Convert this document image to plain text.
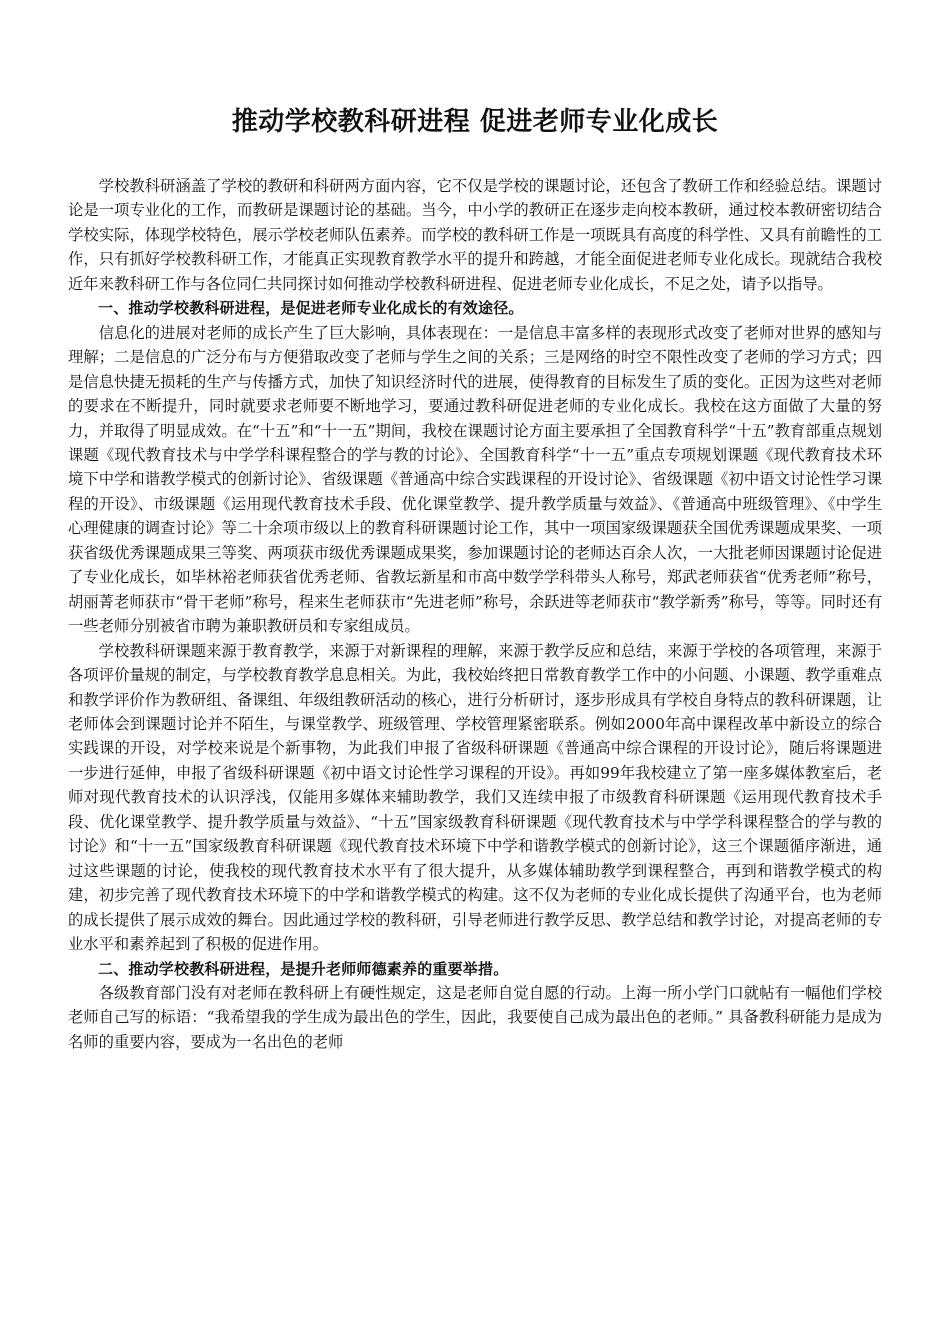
推动学校教科研进程 促进老师专业化成长

学校教科研涵盖了学校的教研和科研两方面内容，它不仅是学校的课题讨论，还包含了教研工作和经验总结。课题讨论是一项专业化的工作，而教研是课题讨论的基础。当今，中小学的教研正在逐步走向校本教研，通过校本教研密切结合学校实际，体现学校特色，展示学校老师队伍素养。而学校的教科研工作是一项既具有高度的科学性、又具有前瞻性的工作，只有抓好学校教科研工作，才能真正实现教育教学水平的提升和跨越，才能全面促进老师专业化成长。现就结合我校近年来教科研工作与各位同仁共同探讨如何推动学校教科研进程、促进老师专业化成长，不足之处，请予以指导。

一、推动学校教科研进程，是促进老师专业化成长的有效途径。

信息化的进展对老师的成长产生了巨大影响，具体表现在：一是信息丰富多样的表现形式改变了老师对世界的感知与理解；二是信息的广泛分布与方便猎取改变了老师与学生之间的关系；三是网络的时空不限性改变了老师的学习方式；四是信息快捷无损耗的生产与传播方式，加快了知识经济时代的进展，使得教育的目标发生了质的变化。正因为这些对老师的要求在不断提升，同时就要求老师要不断地学习，要通过教科研促进老师的专业化成长。我校在这方面做了大量的努力，并取得了明显成效。在“十五”和“十一五”期间，我校在课题讨论方面主要承担了全国教育科学“十五”教育部重点规划课题《现代教育技术与中学学科课程整合的学与教的讨论》、全国教育科学“十一五”重点专项规划课题《现代教育技术环境下中学和谐教学模式的创新讨论》、省级课题《普通高中综合实践课程的开设讨论》、省级课题《初中语文讨论性学习课程的开设》、市级课题《运用现代教育技术手段、优化课堂教学、提升教学质量与效益》、《普通高中班级管理》、《中学生心理健康的调查讨论》等二十余项市级以上的教育科研课题讨论工作，其中一项国家级课题获全国优秀课题成果奖、一项获省级优秀课题成果三等奖、两项获市级优秀课题成果奖，参加课题讨论的老师达百余人次，一大批老师因课题讨论促进了专业化成长，如毕林裕老师获省优秀老师、省教坛新星和市高中数学学科带头人称号，郑武老师获省“优秀老师”称号，胡丽菁老师获市“骨干老师”称号，程来生老师获市“先进老师”称号，余跃进等老师获市“教学新秀”称号，等等。同时还有一些老师分别被省市聘为兼职教研员和专家组成员。

学校教科研课题来源于教育教学，来源于对新课程的理解，来源于教学反应和总结，来源于学校的各项管理，来源于各项评价量规的制定，与学校教育教学息息相关。为此，我校始终把日常教育教学工作中的小问题、小课题、教学重难点和教学评价作为教研组、备课组、年级组教研活动的核心，进行分析研讨，逐步形成具有学校自身特点的教科研课题，让老师体会到课题讨论并不陌生，与课堂教学、班级管理、学校管理紧密联系。例如2000年高中课程改革中新设立的综合实践课的开设，对学校来说是个新事物，为此我们申报了省级科研课题《普通高中综合课程的开设讨论》，随后将课题进一步进行延伸，申报了省级科研课题《初中语文讨论性学习课程的开设》。再如99年我校建立了第一座多媒体教室后，老师对现代教育技术的认识浮浅，仅能用多媒体来辅助教学，我们又连续申报了市级教育科研课题《运用现代教育技术手段、优化课堂教学、提升教学质量与效益》、“十五”国家级教育科研课题《现代教育技术与中学学科课程整合的学与教的讨论》和“十一五”国家级教育科研课题《现代教育技术环境下中学和谐教学模式的创新讨论》，这三个课题循序渐进，通过这些课题的讨论，使我校的现代教育技术水平有了很大提升，从多媒体辅助教学到课程整合，再到和谐教学模式的构建，初步完善了现代教育技术环境下的中学和谐教学模式的构建。这不仅为老师的专业化成长提供了沟通平台，也为老师的成长提供了展示成效的舞台。因此通过学校的教科研，引导老师进行教学反思、教学总结和教学讨论，对提高老师的专业水平和素养起到了积极的促进作用。

二、推动学校教科研进程，是提升老师师德素养的重要举措。

各级教育部门没有对老师在教科研上有硬性规定，这是老师自觉自愿的行动。上海一所小学门口就帖有一幅他们学校老师自己写的标语：“我希望我的学生成为最出色的学生，因此，我要使自己成为最出色的老师。” 具备教科研能力是成为名师的重要内容，要成为一名出色的老师
